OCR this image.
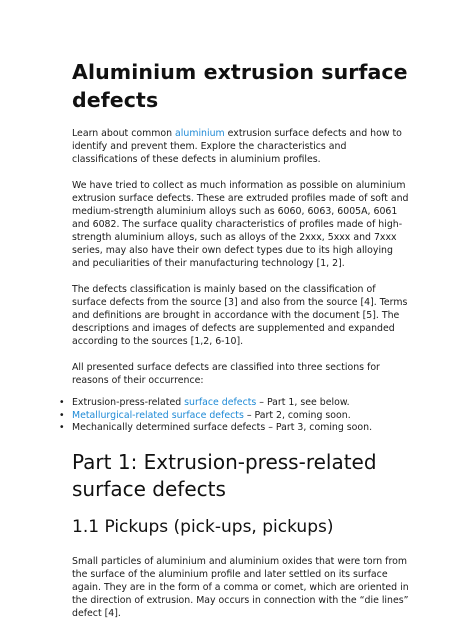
Aluminium extrusion surface defects

Learn about common aluminium extrusion surface defects and how to identify and prevent them. Explore the characteristics and classifications of these defects in aluminium profiles.

We have tried to collect as much information as possible on aluminium extrusion surface defects. These are extruded profiles made of soft and medium-strength aluminium alloys such as 6060, 6063, 6005A, 6061 and 6082. The surface quality characteristics of profiles made of high-strength aluminium alloys, such as alloys of the 2xxx, 5xxx and 7xxx series, may also have their own defect types due to its high alloying and peculiarities of their manufacturing technology [1, 2].

The defects classification is mainly based on the classification of surface defects from the source [3] and also from the source [4]. Terms and definitions are brought in accordance with the document [5]. The descriptions and images of defects are supplemented and expanded according to the sources [1,2, 6-10].

All presented surface defects are classified into three sections for reasons of their occurrence:

• Extrusion-press-related surface defects – Part 1, see below.
• Metallurgical-related surface defects – Part 2, coming soon.
• Mechanically determined surface defects – Part 3, coming soon.
Part 1: Extrusion-press-related surface defects
1.1 Pickups (pick-ups, pickups)

Small particles of aluminium and aluminium oxides that were torn from the surface of the aluminium profile and later settled on its surface again. They are in the form of a comma or comet, which are oriented in the direction of extrusion. May occurs in connection with the “die lines” defect [4].
